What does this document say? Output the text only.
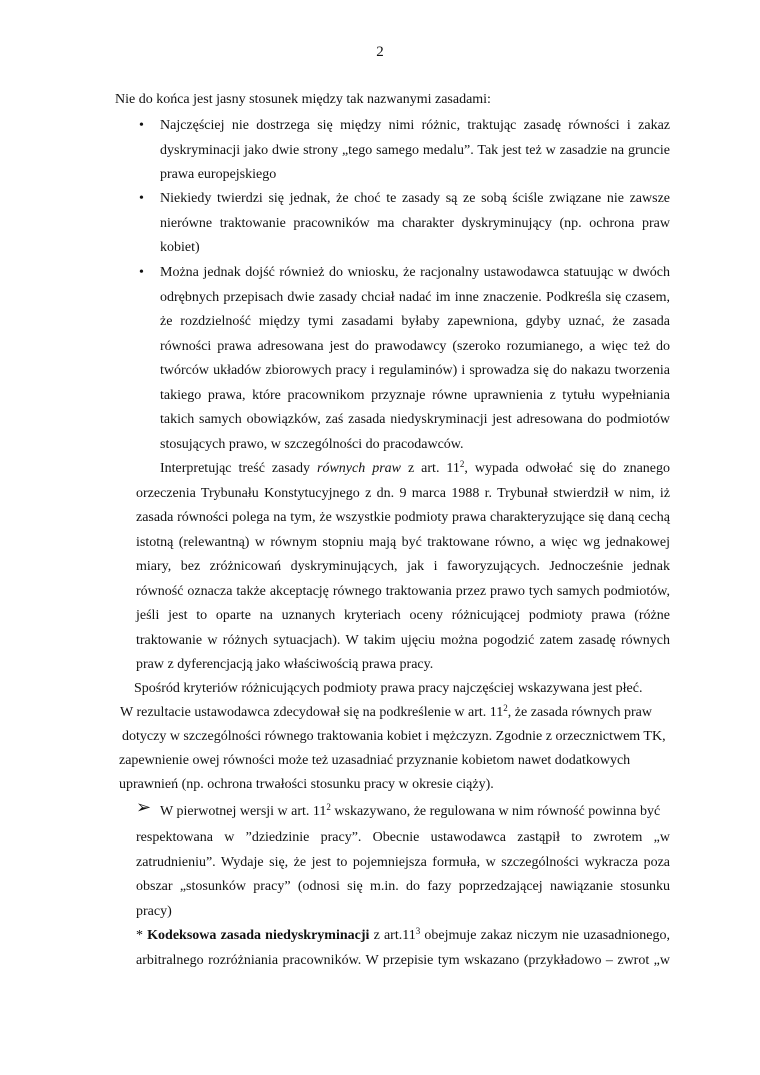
2
Nie do końca jest jasny stosunek między tak nazwanymi zasadami:
• Najczęściej nie dostrzega się między nimi różnic, traktując zasadę równości i zakaz
dyskryminacji jako dwie strony „tego samego medalu”. Tak jest też w zasadzie na gruncie
prawa europejskiego
• Niekiedy twierdzi się jednak, że choć te zasady są ze sobą ściśle związane nie zawsze
nierówne traktowanie pracowników ma charakter dyskryminujący (np. ochrona praw
kobiet)
• Można jednak dojść również do wniosku, że racjonalny ustawodawca statuując w dwóch
odrębnych przepisach dwie zasady chciał nadać im inne znaczenie. Podkreśla się czasem,
że rozdzielność między tymi zasadami byłaby zapewniona, gdyby uznać, że zasada
równości prawa adresowana jest do prawodawcy (szeroko rozumianego, a więc też do
twórców układów zbiorowych pracy i regulaminów) i sprowadza się do nakazu tworzenia
takiego prawa, które pracownikom przyznaje równe uprawnienia z tytułu wypełniania
takich samych obowiązków, zaś zasada niedyskryminacji jest adresowana do podmiotów
stosujących prawo, w szczególności do pracodawców.
Interpretując treść zasady równych praw z art. $11^2$, wypada odwołać się do znanego
orzeczenia Trybunału Konstytucyjnego z dn. 9 marca 1988 r. Trybunał stwierdził w nim, iż
zasada równości polega na tym, że wszystkie podmioty prawa charakteryzujące się daną cechą
istotną (relewantną) w równym stopniu mają być traktowane równo, a więc wg jednakowej
miary, bez zróżnicowań dyskryminujących, jak i faworyzujących. Jednocześnie jednak
równość oznacza także akceptację równego traktowania przez prawo tych samych podmiotów,
jeśli jest to oparte na uznanych kryteriach oceny różnicującej podmioty prawa (różne
traktowanie w różnych sytuacjach). W takim ujęciu można pogodzić zatem zasadę równych
praw z dyferencjacją jako właściwością prawa pracy.
Spośród kryteriów różnicujących podmioty prawa pracy najczęściej wskazywana jest płeć.
W rezultacie ustawodawca zdecydował się na podkreślenie w art. $11^2$, że zasada równych praw
dotyczy w szczególności równego traktowania kobiet i mężczyzn. Zgodnie z orzecznictwem TK,
zapewnienie owej równości może też uzasadniać przyznanie kobietom nawet dodatkowych
uprawnień (np. ochrona trwałości stosunku pracy w okresie ciąży).
➢ W pierwotnej wersji w art. $11^2$ wskazywano, że regulowana w nim równość powinna być
respektowana w ”dziedzinie pracy”. Obecnie ustawodawca zastąpił to zwrotem „w
zatrudnieniu”. Wydaje się, że jest to pojemniejsza formuła, w szczególności wykracza poza
obszar „stosunków pracy” (odnosi się m.in. do fazy poprzedzającej nawiązanie stosunku
pracy)
* Kodeksowa zasada niedyskryminacji z $art.11^3$ obejmuje zakaz niczym nie uzasadnionego,
arbitralnego rozróżniania pracowników. W przepisie tym wskazano (przykładowo – zwrot „w
